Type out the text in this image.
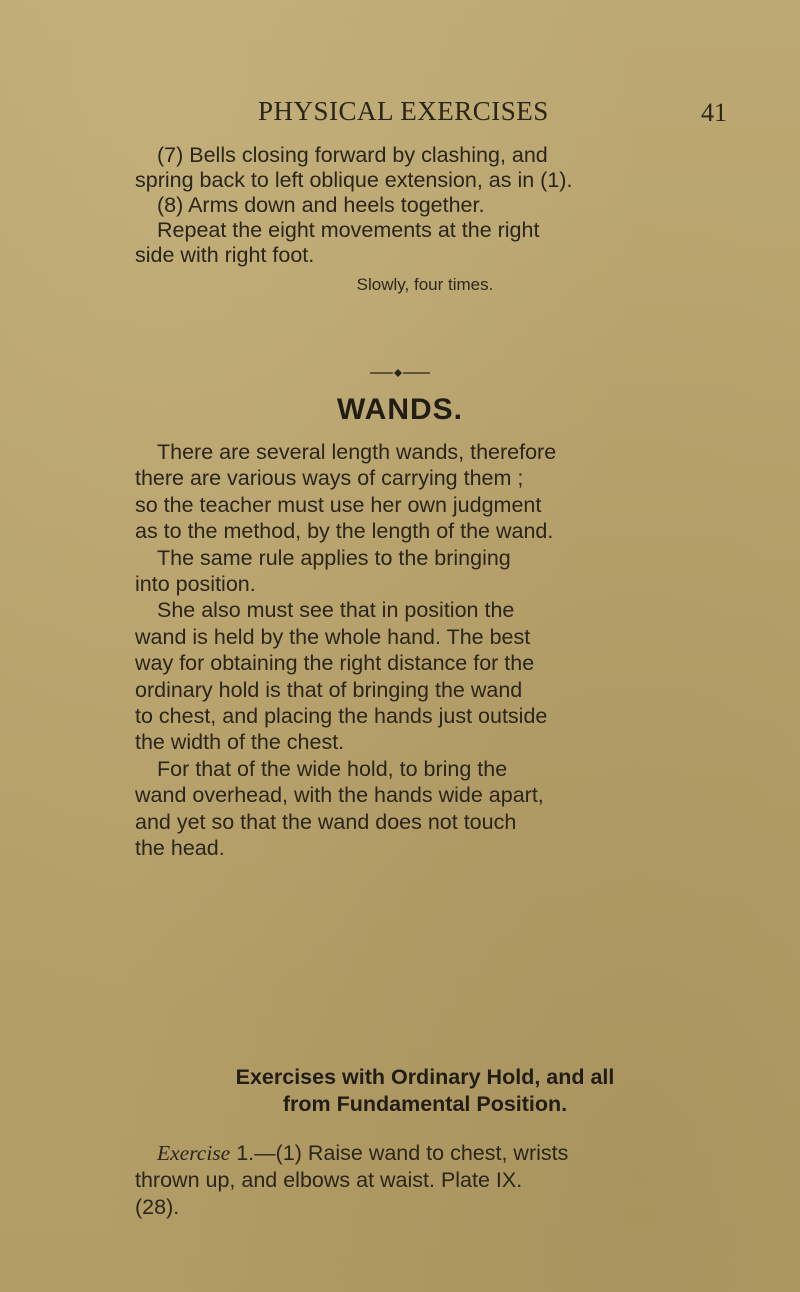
PHYSICAL EXERCISES	41

(7) Bells closing forward by clashing, and

spring back to left oblique extension, as in (1).

(8) Arms down and heels together.

Repeat the eight movements at the right

side with right foot.

Slowly, four times.
WANDS.

There are several length wands, therefore

there are various ways of carrying them ;

so the teacher must use her own judgment

as to the method, by the length of the wand.

The same rule applies to the bringing

into position.

She also must see that in position the

wand is held by the whole hand. The best

way for obtaining the right distance for the

ordinary hold is that of bringing the wand

to chest, and placing the hands just outside

the width of the chest.

For that of the wide hold, to bring the

wand overhead, with the hands wide apart,

and yet so that the wand does not touch

the head.

Exercises with Ordinary Hold, and all
from Fundamental Position.

Exercise 1.—(1) Raise wand to chest, wrists

thrown up, and elbows at waist. Plate IX.

(28).
